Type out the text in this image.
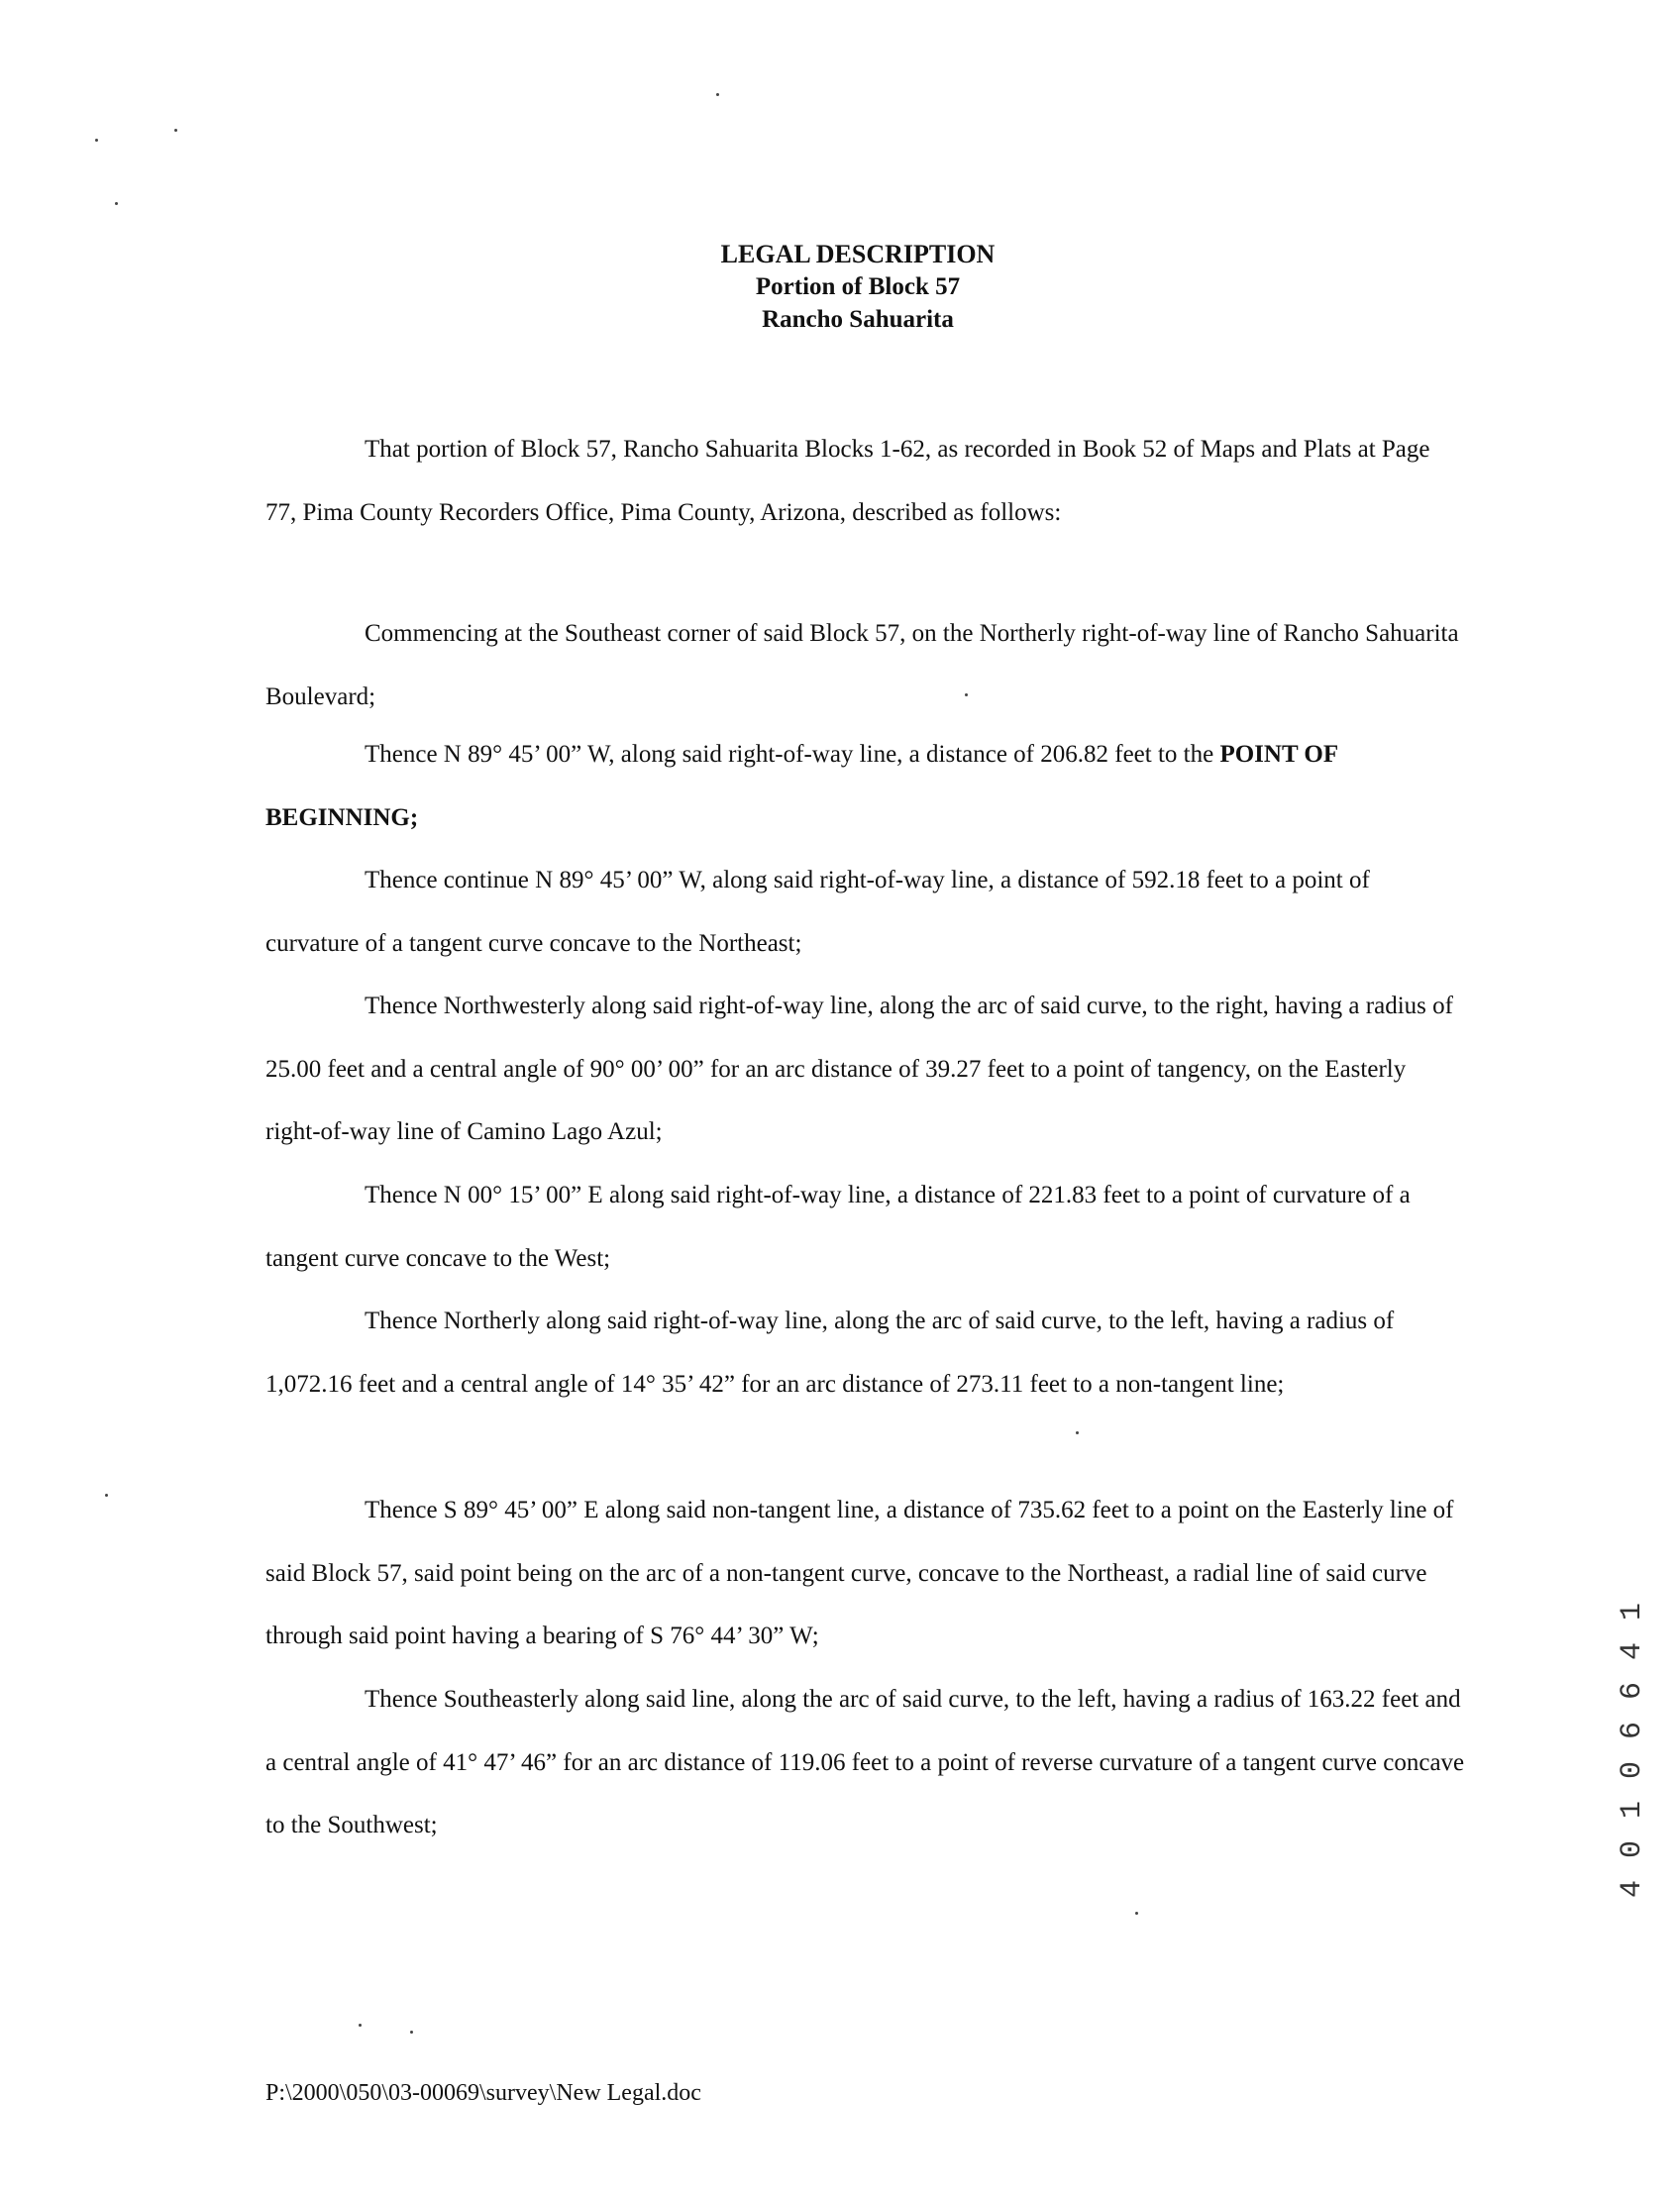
LEGAL DESCRIPTION
Portion of Block 57
Rancho Sahuarita

That portion of Block 57, Rancho Sahuarita Blocks 1-62, as recorded in Book 52 of Maps and Plats at Page 77, Pima County Recorders Office, Pima County, Arizona, described as follows:

Commencing at the Southeast corner of said Block 57, on the Northerly right-of-way line of Rancho Sahuarita Boulevard;

Thence N 89° 45’ 00” W, along said right-of-way line, a distance of 206.82 feet to the POINT OF BEGINNING;

Thence continue N 89° 45’ 00” W, along said right-of-way line, a distance of 592.18 feet to a point of curvature of a tangent curve concave to the Northeast;

Thence Northwesterly along said right-of-way line, along the arc of said curve, to the right, having a radius of 25.00 feet and a central angle of 90° 00’ 00” for an arc distance of 39.27 feet to a point of tangency, on the Easterly right-of-way line of Camino Lago Azul;

Thence N 00° 15’ 00” E along said right-of-way line, a distance of 221.83 feet to a point of curvature of a tangent curve concave to the West;

Thence Northerly along said right-of-way line, along the arc of said curve, to the left, having a radius of 1,072.16 feet and a central angle of 14° 35’ 42” for an arc distance of 273.11 feet to a non-tangent line;

Thence S 89° 45’ 00” E along said non-tangent line, a distance of 735.62 feet to a point on the Easterly line of said Block 57, said point being on the arc of a non-tangent curve, concave to the Northeast, a radial line of said curve through said point having a bearing of S 76° 44’ 30” W;

Thence Southeasterly along said line, along the arc of said curve, to the left, having a radius of 163.22 feet and a central angle of 41° 47’ 46” for an arc distance of 119.06 feet to a point of reverse curvature of a tangent curve concave to the Southwest;

P:\2000\050\03-00069\survey\New Legal.doc
4
0
1
0
6
6
4
1
